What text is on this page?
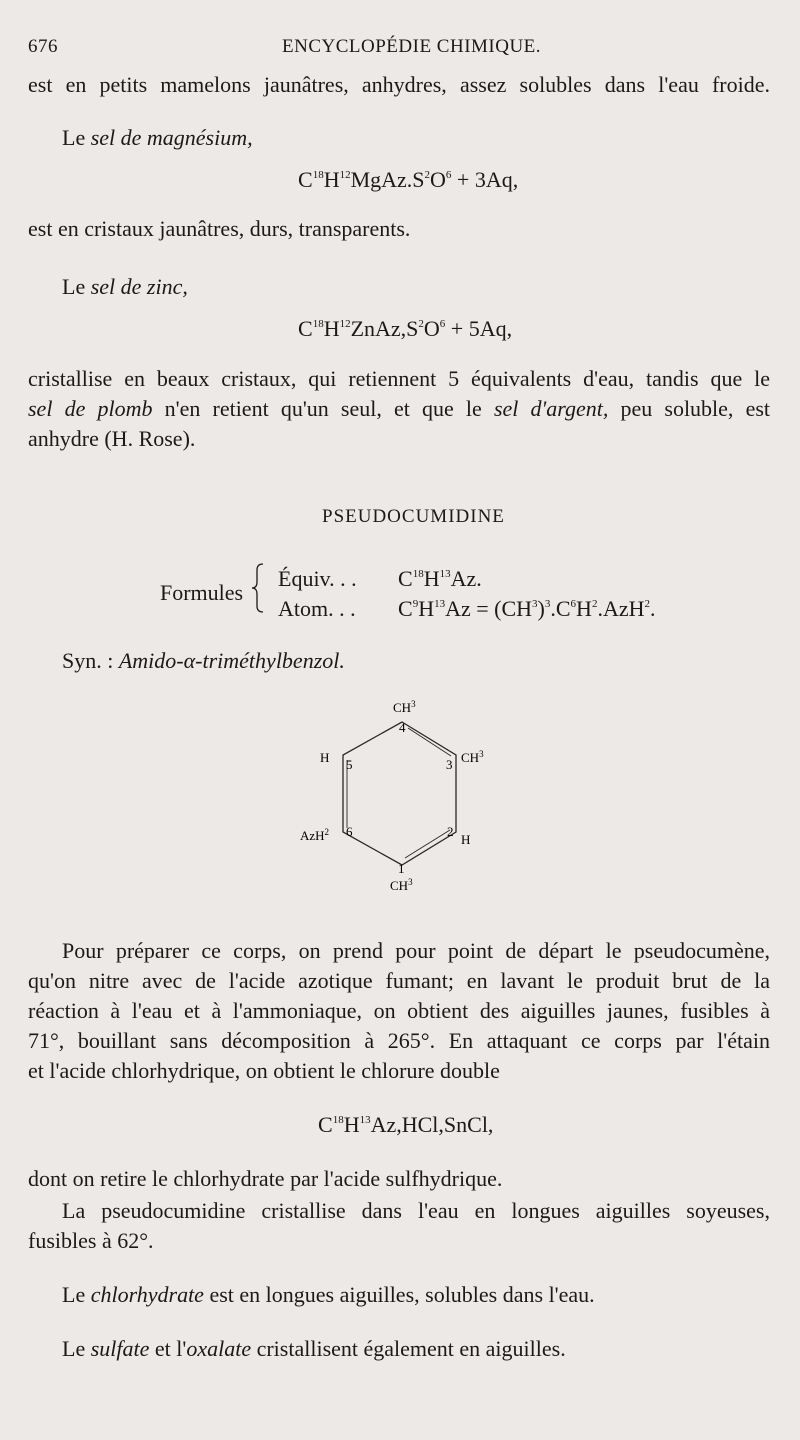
676	ENCYCLOPÉDIE CHIMIQUE.
est en petits mamelons jaunâtres, anhydres, assez solubles dans l'eau froide.
Le sel de magnésium,
$C^{18}H^{12}MgAz.S^2O^6 + 3Aq$,
est en cristaux jaunâtres, durs, transparents.
Le sel de zinc,
$C^{18}H^{12}ZnAz,S^2O^6 + 5Aq$,
cristallise en beaux cristaux, qui retiennent 5 équivalents d'eau, tandis que le
sel de plomb n'en retient qu'un seul, et que le sel d'argent, peu soluble, est
anhydre (H. Rose).
PSEUDOCUMIDINE
Formules
Équiv. . . $C^{18}H^{13}Az$.
Atom. . . $C^9H^{13}Az = (CH^3)^3.C^6H^2.AzH^2$.
Syn. : Amido-α-triméthylbenzol.
$CH^3$
4
$CH^3$
3
H 5
AzH$^2$ 6
H
2
1
$CH^3$
Pour préparer ce corps, on prend pour point de départ le pseudocumène,
qu'on nitre avec de l'acide azotique fumant; en lavant le produit brut de la
réaction à l'eau et à l'ammoniaque, on obtient des aiguilles jaunes, fusibles à
71°, bouillant sans décomposition à 265°. En attaquant ce corps par l'étain
et l'acide chlorhydrique, on obtient le chlorure double
$C^{18}H^{13}Az,HCl,SnCl$,
dont on retire le chlorhydrate par l'acide sulfhydrique.
La pseudocumidine cristallise dans l'eau en longues aiguilles soyeuses,
fusibles à 62°.
Le chlorhydrate est en longues aiguilles, solubles dans l'eau.
Le sulfate et l'oxalate cristallisent également en aiguilles.
